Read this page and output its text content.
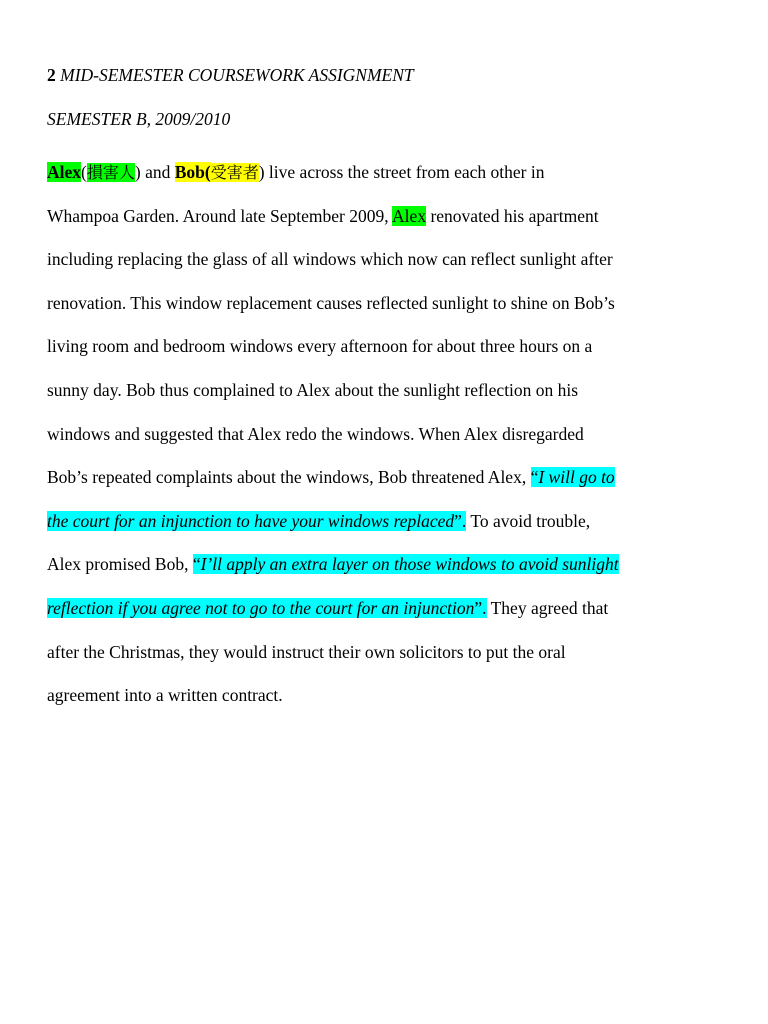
2 MID-SEMESTER COURSEWORK ASSIGNMENT
SEMESTER B, 2009/2010
Alex(損害人) and Bob(受害者) live across the street from each other in
Whampoa Garden. Around late September 2009, Alex renovated his apartment
including replacing the glass of all windows which now can reflect sunlight after
renovation. This window replacement causes reflected sunlight to shine on Bob’s
living room and bedroom windows every afternoon for about three hours on a
sunny day. Bob thus complained to Alex about the sunlight reflection on his
windows and suggested that Alex redo the windows. When Alex disregarded
Bob’s repeated complaints about the windows, Bob threatened Alex, “I will go to
the court for an injunction to have your windows replaced”. To avoid trouble,
Alex promised Bob, “I’ll apply an extra layer on those windows to avoid sunlight
reflection if you agree not to go to the court for an injunction”. They agreed that
after the Christmas, they would instruct their own solicitors to put the oral
agreement into a written contract.
